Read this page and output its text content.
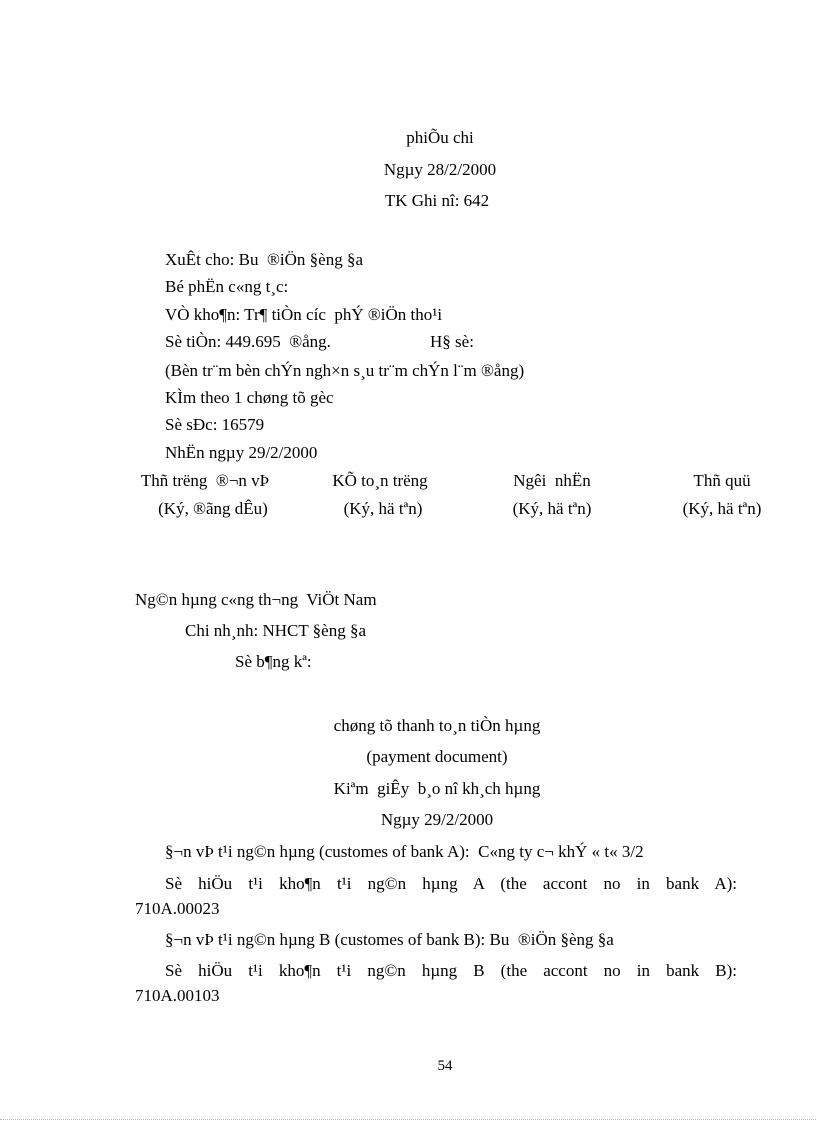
phiÕu chi
Ngµy 28/2/2000
TK Ghi nî: 642
XuÊt cho: Bu  ®iÖn §èng §a
Bé phËn c«ng t¸c:
VÒ kho¶n: Tr¶ tiÒn cíc  phÝ ®iÖn tho¹i
Sè tiÒn: 449.695  ®ång.	H§ sè:
(Bèn tr¨m bèn chÝn ngh×n s¸u tr¨m chÝn l¨m ®ång)
KÌm theo 1 chøng tõ gèc
Sè sÐc: 16579
NhËn ngµy 29/2/2000
Thñ trëng  ®¬n vÞ	KÕ to¸n trëng	Ngêi  nhËn	Thñ quü
(Ký, ®ãng dÊu)	(Ký, hä tªn)	(Ký, hä tªn)	(Ký, hä tªn)
Ng©n hµng c«ng th¬ng  ViÖt Nam
Chi nh¸nh: NHCT §èng §a
Sè b¶ng kª:
chøng tõ thanh to¸n tiÒn hµng
(payment document)
Kiªm  giÊy  b¸o nî kh¸ch hµng
Ngµy 29/2/2000
§¬n vÞ t¹i ng©n hµng (customes of bank A):  C«ng ty c¬ khÝ « t« 3/2
Sè hiÖu t¹i kho¶n t¹i ng©n hµng A (the accont no in bank A):
710A.00023
§¬n vÞ t¹i ng©n hµng B (customes of bank B): Bu  ®iÖn §èng §a
Sè hiÖu t¹i kho¶n t¹i ng©n hµng B (the accont no in bank B):
710A.00103
54
